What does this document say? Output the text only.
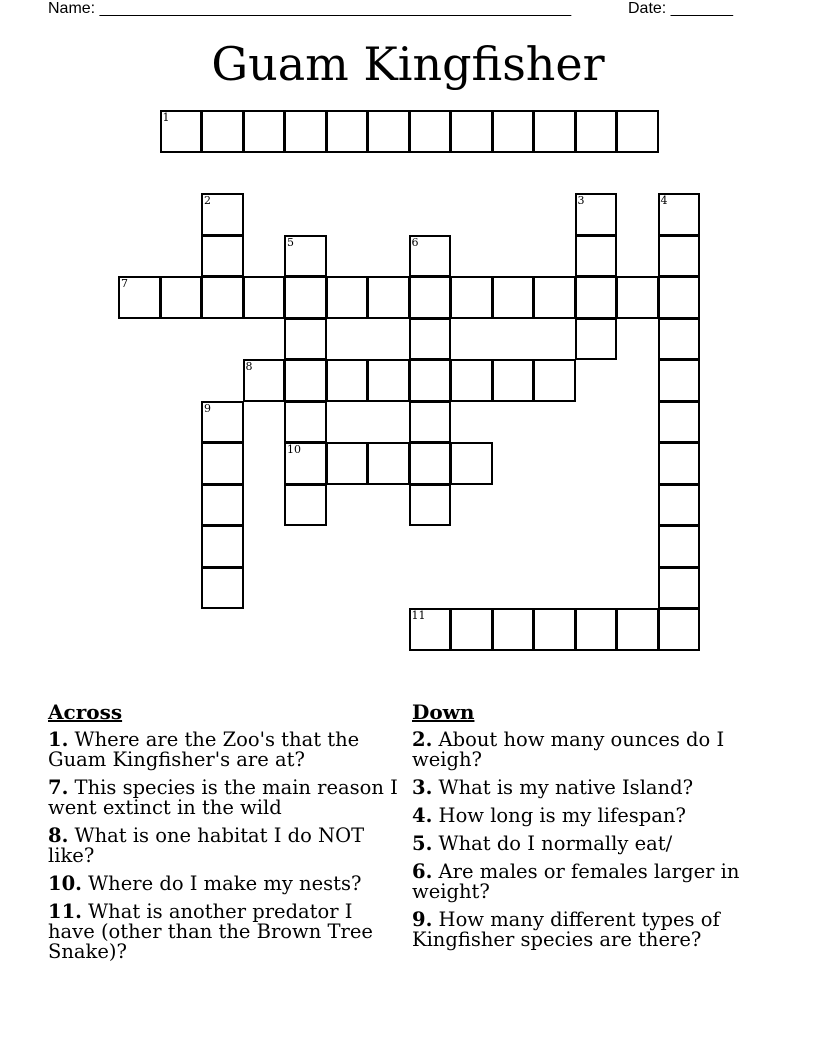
Name: _____________________________________________________	Date: _______
Guam Kingfisher
1
7
8
10
11
2	3	4
5	6
9
Across
1. Where are the Zoo's that the Guam Kingfisher's are at?
7. This species is the main reason I went extinct in the wild
8. What is one habitat I do NOT like?
10. Where do I make my nests?
11. What is another predator I have (other than the Brown Tree Snake)?
Down
2. About how many ounces do I weigh?
3. What is my native Island?
4. How long is my lifespan?
5. What do I normally eat/
6. Are males or females larger in weight?
9. How many different types of Kingfisher species are there?
